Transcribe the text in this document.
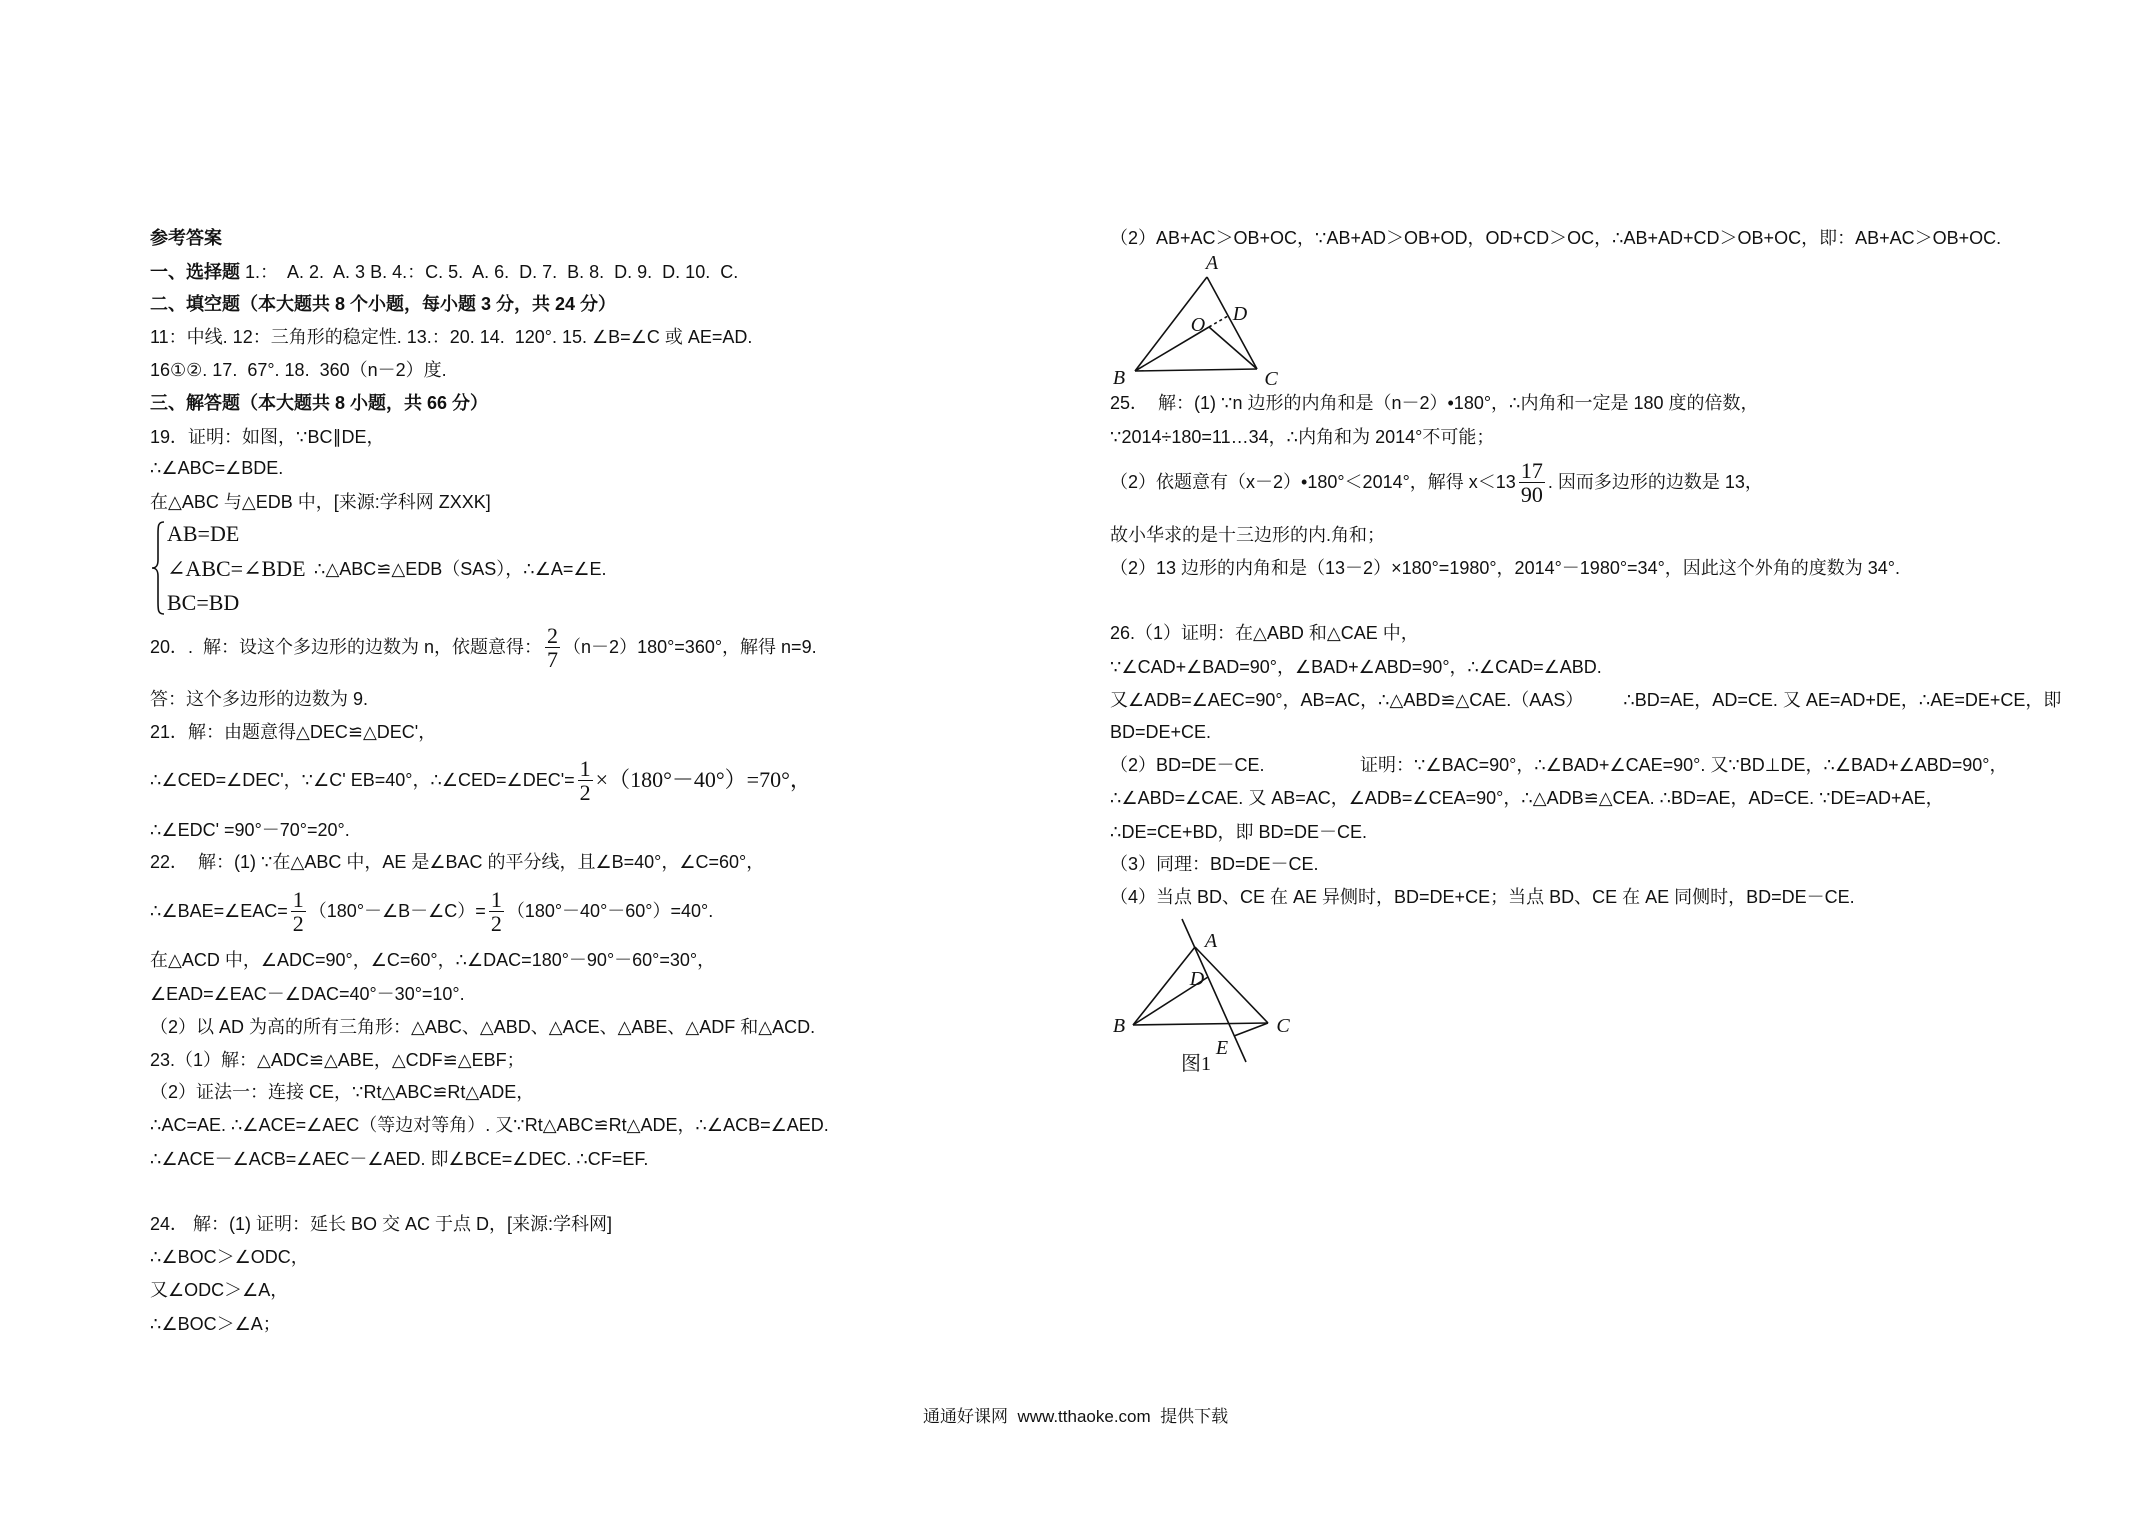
参考答案
一、选择题 1.：  A. 2.  A. 3 B. 4.：C. 5.  A. 6.  D. 7.  B. 8.  D. 9.  D. 10.  C.
二、填空题（本大题共 8 个小题，每小题 3 分，共 24 分）
11：中线. 12：三角形的稳定性. 13.：20. 14.  120°. 15. ∠B=∠C 或 AE=AD.
16①②. 17.  67°. 18.  360（n－2）度.
三、解答题（本大题共 8 小题，共 66 分）
19．证明：如图，∵BC∥DE，
∴∠ABC=∠BDE.
在△ABC 与△EDB 中，[来源:学科网 ZXXK]
AB=DE
∠ABC=∠BDE
BC=BD
∴△ABC≌△EDB（SAS），∴∠A=∠E.
20．.  解：设这个多边形的边数为 n，依题意得： $\frac{2}{7} (n-2)180^\circ=360^\circ$，解得 n=9.
答：这个多边形的边数为 9.
21．解：由题意得△DEC≌△DEC'，
∴∠CED=∠DEC'，∵∠C' EB=40°，∴∠CED=∠DEC'= $\frac{1}{2} \times(180^\circ-40^\circ)=70^\circ$，
∴∠EDC' =90°－70°=20°.
22．  解：(1) ∵在△ABC 中，AE 是∠BAC 的平分线，且∠B=40°，∠C=60°，
∴∠BAE=∠EAC= $\frac{1}{2}$ （180°－∠B－∠C）= $\frac{1}{2} (180^\circ-40^\circ-60^\circ)=40^\circ$.
在△ACD 中，∠ADC=90°，∠C=60°，∴∠DAC=180°－90°－60°=30°，
∠EAD=∠EAC－∠DAC=40°－30°=10°.
（2）以 AD 为高的所有三角形：△ABC、△ABD、△ACE、△ABE、△ADF 和△ACD.
23.（1）解：△ADC≌△ABE，△CDF≌△EBF；
（2）证法一：连接 CE，∵Rt△ABC≌Rt△ADE，
∴AC=AE. ∴∠ACE=∠AEC（等边对等角）. 又∵Rt△ABC≌Rt△ADE，∴∠ACB=∠AED.
∴∠ACE－∠ACB=∠AEC－∠AED. 即∠BCE=∠DEC. ∴CF=EF.
24． 解：(1) 证明：延长 BO 交 AC 于点 D，[来源:学科网]
∴∠BOC＞∠ODC，
又∠ODC＞∠A，
∴∠BOC＞∠A；
（2）AB+AC＞OB+OC，∵AB+AD＞OB+OD，OD+CD＞OC，∴AB+AD+CD＞OB+OC，即：AB+AC＞OB+OC.
A
D
O
B	C
25．  解：(1) ∵n 边形的内角和是（n－2）•180°，∴内角和一定是 180 度的倍数，
∵2014÷180=11…34，∴内角和为 2014°不可能；
（2）依题意有（x－2）•180°＜2014°，解得 $x<13 \frac{17}{90}$ . 因而多边形的边数是 13，
故小华求的是十三边形的内.角和；
（2）13 边形的内角和是（13－2）×180°=1980°，2014°－1980°=34°，因此这个外角的度数为 34°.
26.（1）证明：在△ABD 和△CAE 中，
∵∠CAD+∠BAD=90°，∠BAD+∠ABD=90°，∴∠CAD=∠ABD.
又∠ADB=∠AEC=90°，AB=AC，∴△ABD≌△CAE.（AAS） ∴BD=AE，AD=CE. 又 AE=AD+DE，∴AE=DE+CE，即
BD=DE+CE.
（2）BD=DE－CE.	证明：∵∠BAC=90°，∴∠BAD+∠CAE=90°. 又∵BD⊥DE，∴∠BAD+∠ABD=90°，
∴∠ABD=∠CAE. 又 AB=AC，∠ADB=∠CEA=90°，∴△ADB≌△CEA. ∴BD=AE，AD=CE. ∵DE=AD+AE，
∴DE=CE+BD，即 BD=DE－CE.
（3）同理：BD=DE－CE.
（4）当点 BD、CE 在 AE 异侧时，BD=DE+CE；当点 BD、CE 在 AE 同侧时，BD=DE－CE.
A
D
B	C
E
图1
通通好课网  www.tthaoke.com  提供下载
